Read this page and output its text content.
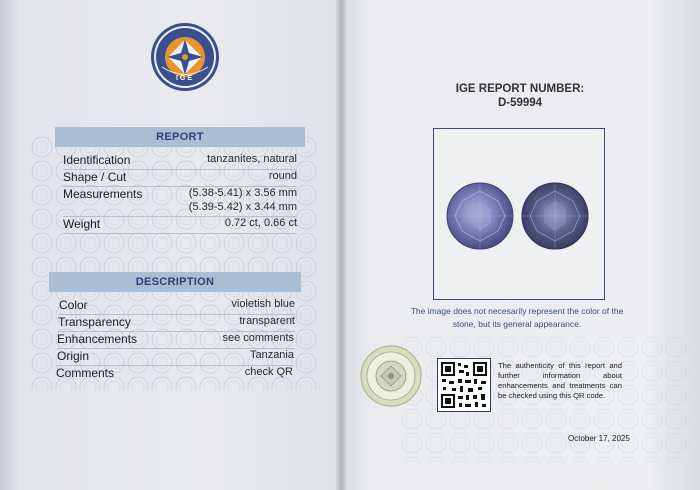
IGE
REPORT
Identification	tanzanites, natural
Shape / Cut	round
Measurements	(5.38-5.41) x 3.56 mm
(5.39-5.42) x 3.44 mm
Weight	0.72 ct, 0.66 ct
DESCRIPTION
Color	violetish blue
Transparency	transparent
Enhancements	see comments
Origin	Tanzania
Comments	check QR
IGE REPORT NUMBER:
D-59994
The image does not necesarily represent the color of the stone, but its general appearance.
The authenticity of this report and further information about enhancements and treatments can be checked using this QR code.
October 17, 2025
